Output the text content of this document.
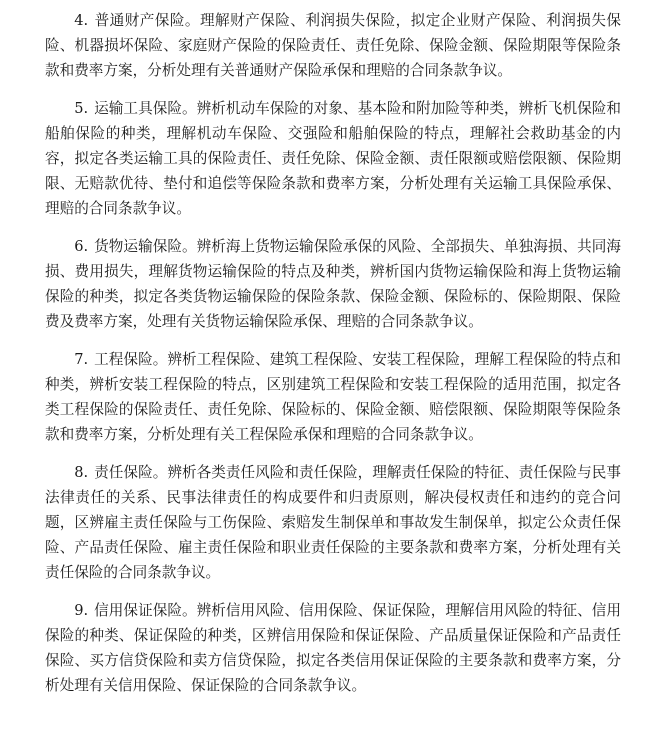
4. 普通财产保险。理解财产保险、利润损失保险，拟定企业财产保险、利润损失保险、机器损坏保险、家庭财产保险的保险责任、责任免除、保险金额、保险期限等保险条款和费率方案，分析处理有关普通财产保险承保和理赔的合同条款争议。

5. 运输工具保险。辨析机动车保险的对象、基本险和附加险等种类，辨析飞机保险和船舶保险的种类，理解机动车保险、交强险和船舶保险的特点，理解社会救助基金的内容，拟定各类运输工具的保险责任、责任免除、保险金额、责任限额或赔偿限额、保险期限、无赔款优待、垫付和追偿等保险条款和费率方案，分析处理有关运输工具保险承保、理赔的合同条款争议。

6. 货物运输保险。辨析海上货物运输保险承保的风险、全部损失、单独海损、共同海损、费用损失，理解货物运输保险的特点及种类，辨析国内货物运输保险和海上货物运输保险的种类，拟定各类货物运输保险的保险条款、保险金额、保险标的、保险期限、保险费及费率方案，处理有关货物运输保险承保、理赔的合同条款争议。

7. 工程保险。辨析工程保险、建筑工程保险、安装工程保险，理解工程保险的特点和种类，辨析安装工程保险的特点，区别建筑工程保险和安装工程保险的适用范围，拟定各类工程保险的保险责任、责任免除、保险标的、保险金额、赔偿限额、保险期限等保险条款和费率方案，分析处理有关工程保险承保和理赔的合同条款争议。

8. 责任保险。辨析各类责任风险和责任保险，理解责任保险的特征、责任保险与民事法律责任的关系、民事法律责任的构成要件和归责原则，解决侵权责任和违约的竞合问题，区辨雇主责任保险与工伤保险、索赔发生制保单和事故发生制保单，拟定公众责任保险、产品责任保险、雇主责任保险和职业责任保险的主要条款和费率方案，分析处理有关责任保险的合同条款争议。

9. 信用保证保险。辨析信用风险、信用保险、保证保险，理解信用风险的特征、信用保险的种类、保证保险的种类，区辨信用保险和保证保险、产品质量保证保险和产品责任保险、买方信贷保险和卖方信贷保险，拟定各类信用保证保险的主要条款和费率方案，分析处理有关信用保险、保证保险的合同条款争议。
